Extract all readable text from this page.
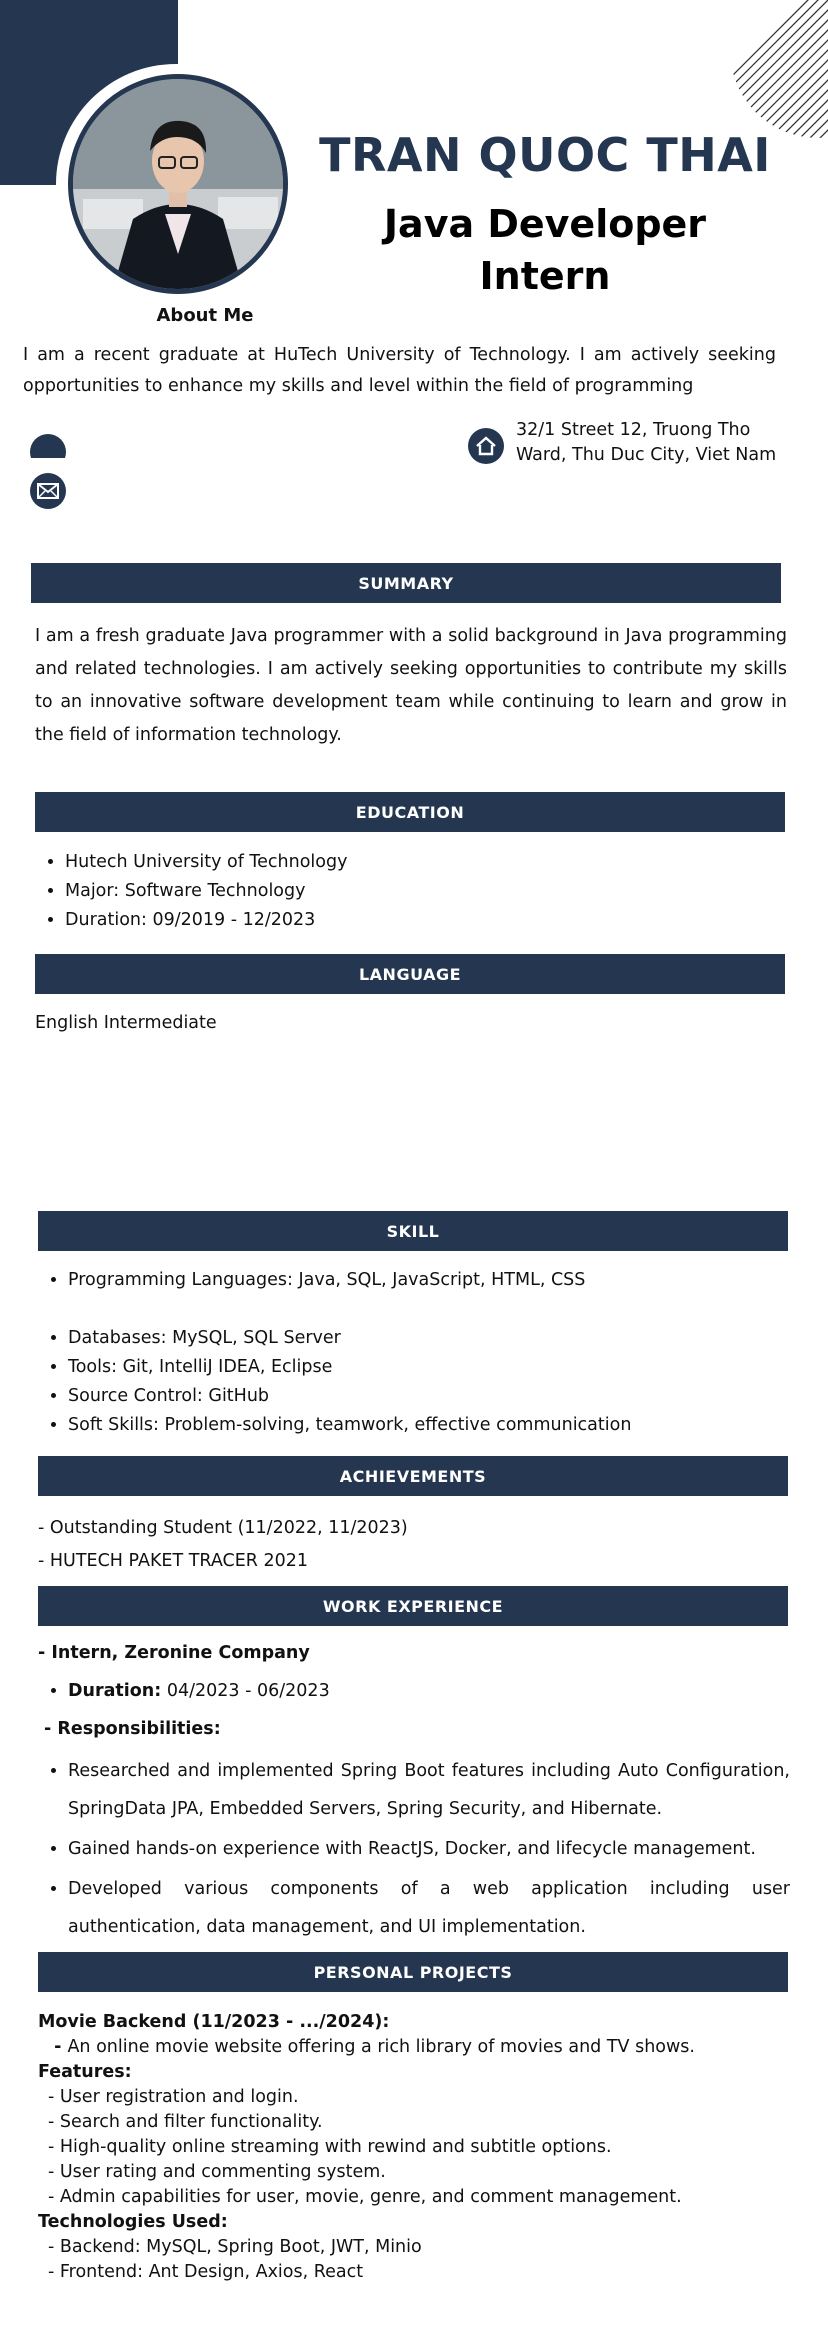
TRAN QUOC THAI
Java Developer
Intern
About Me
I am a recent graduate at HuTech University of Technology. I am actively seeking opportunities to enhance my skills and level within the field of programming
32/1 Street 12, Truong Tho Ward, Thu Duc City, Viet Nam
SUMMARY
I am a fresh graduate Java programmer with a solid background in Java programming and related technologies. I am actively seeking opportunities to contribute my skills to an innovative software development team while continuing to learn and grow in the field of information technology.
EDUCATION
• Hutech University of Technology
• Major: Software Technology
• Duration: 09/2019 - 12/2023
LANGUAGE
English Intermediate
SKILL
• Programming Languages: Java, SQL, JavaScript, HTML, CSS
• Databases: MySQL, SQL Server
• Tools: Git, IntelliJ IDEA, Eclipse
• Source Control: GitHub
• Soft Skills: Problem-solving, teamwork, effective communication
ACHIEVEMENTS
- Outstanding Student (11/2022, 11/2023)
- HUTECH PAKET TRACER 2021
WORK EXPERIENCE
- Intern, Zeronine Company
• Duration: 04/2023 - 06/2023
- Responsibilities:
• Researched and implemented Spring Boot features including Auto Configuration, SpringData JPA, Embedded Servers, Spring Security, and Hibernate.
• Gained hands-on experience with ReactJS, Docker, and lifecycle management.
• Developed various components of a web application including user authentication, data management, and UI implementation.
PERSONAL PROJECTS
Movie Backend (11/2023 - .../2024):
- An online movie website offering a rich library of movies and TV shows.
Features:
- User registration and login.
- Search and filter functionality.
- High-quality online streaming with rewind and subtitle options.
- User rating and commenting system.
- Admin capabilities for user, movie, genre, and comment management.
Technologies Used:
- Backend: MySQL, Spring Boot, JWT, Minio
- Frontend: Ant Design, Axios, React
